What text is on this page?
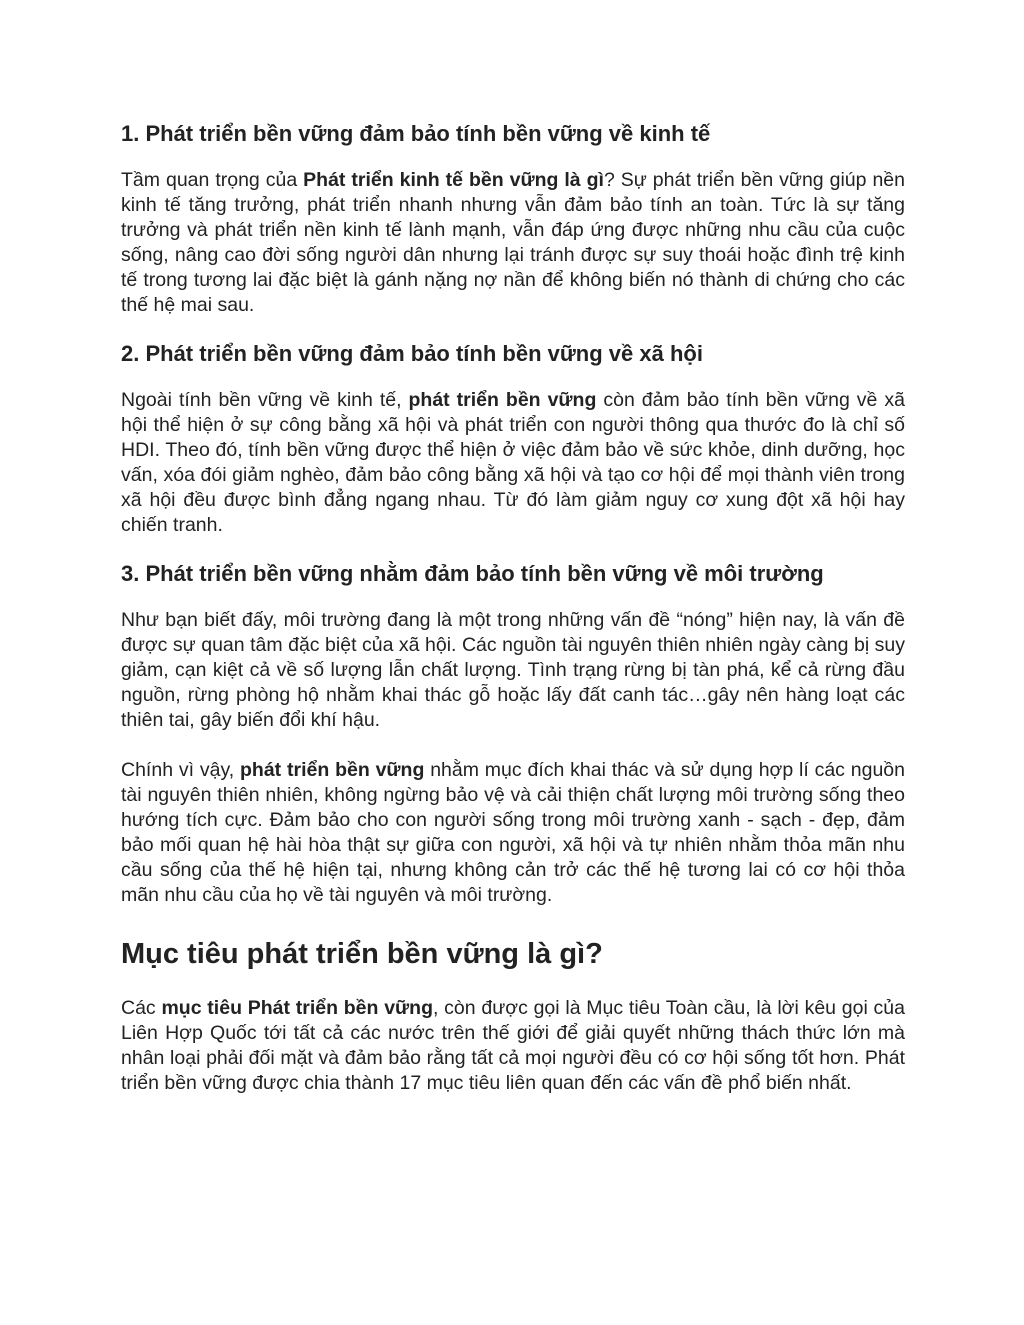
1. Phát triển bền vững đảm bảo tính bền vững về kinh tế

Tầm quan trọng của Phát triển kinh tế bền vững là gì? Sự phát triển bền vững giúp nền kinh tế tăng trưởng, phát triển nhanh nhưng vẫn đảm bảo tính an toàn. Tức là sự tăng trưởng và phát triển nền kinh tế lành mạnh, vẫn đáp ứng được những nhu cầu của cuộc sống, nâng cao đời sống người dân nhưng lại tránh được sự suy thoái hoặc đình trệ kinh tế trong tương lai đặc biệt là gánh nặng nợ nần để không biến nó thành di chứng cho các thế hệ mai sau.

2. Phát triển bền vững đảm bảo tính bền vững về xã hội

Ngoài tính bền vững về kinh tế, phát triển bền vững còn đảm bảo tính bền vững về xã hội thể hiện ở sự công bằng xã hội và phát triển con người thông qua thước đo là chỉ số HDI. Theo đó, tính bền vững được thể hiện ở việc đảm bảo về sức khỏe, dinh dưỡng, học vấn, xóa đói giảm nghèo, đảm bảo công bằng xã hội và tạo cơ hội để mọi thành viên trong xã hội đều được bình đẳng ngang nhau. Từ đó làm giảm nguy cơ xung đột xã hội hay chiến tranh.

3. Phát triển bền vững nhằm đảm bảo tính bền vững về môi trường

Như bạn biết đấy, môi trường đang là một trong những vấn đề “nóng” hiện nay, là vấn đề được sự quan tâm đặc biệt của xã hội. Các nguồn tài nguyên thiên nhiên ngày càng bị suy giảm, cạn kiệt cả về số lượng lẫn chất lượng. Tình trạng rừng bị tàn phá, kể cả rừng đầu nguồn, rừng phòng hộ nhằm khai thác gỗ hoặc lấy đất canh tác…gây nên hàng loạt các thiên tai, gây biến đổi khí hậu.

Chính vì vậy, phát triển bền vững nhằm mục đích khai thác và sử dụng hợp lí các nguồn tài nguyên thiên nhiên, không ngừng bảo vệ và cải thiện chất lượng môi trường sống theo hướng tích cực. Đảm bảo cho con người sống trong môi trường xanh - sạch - đẹp, đảm bảo mối quan hệ hài hòa thật sự giữa con người, xã hội và tự nhiên nhằm thỏa mãn nhu cầu sống của thế hệ hiện tại, nhưng không cản trở các thế hệ tương lai có cơ hội thỏa mãn nhu cầu của họ về tài nguyên và môi trường.

Mục tiêu phát triển bền vững là gì?

Các mục tiêu Phát triển bền vững, còn được gọi là Mục tiêu Toàn cầu, là lời kêu gọi của Liên Hợp Quốc tới tất cả các nước trên thế giới để giải quyết những thách thức lớn mà nhân loại phải đối mặt và đảm bảo rằng tất cả mọi người đều có cơ hội sống tốt hơn. Phát triển bền vững được chia thành 17 mục tiêu liên quan đến các vấn đề phổ biến nhất.
